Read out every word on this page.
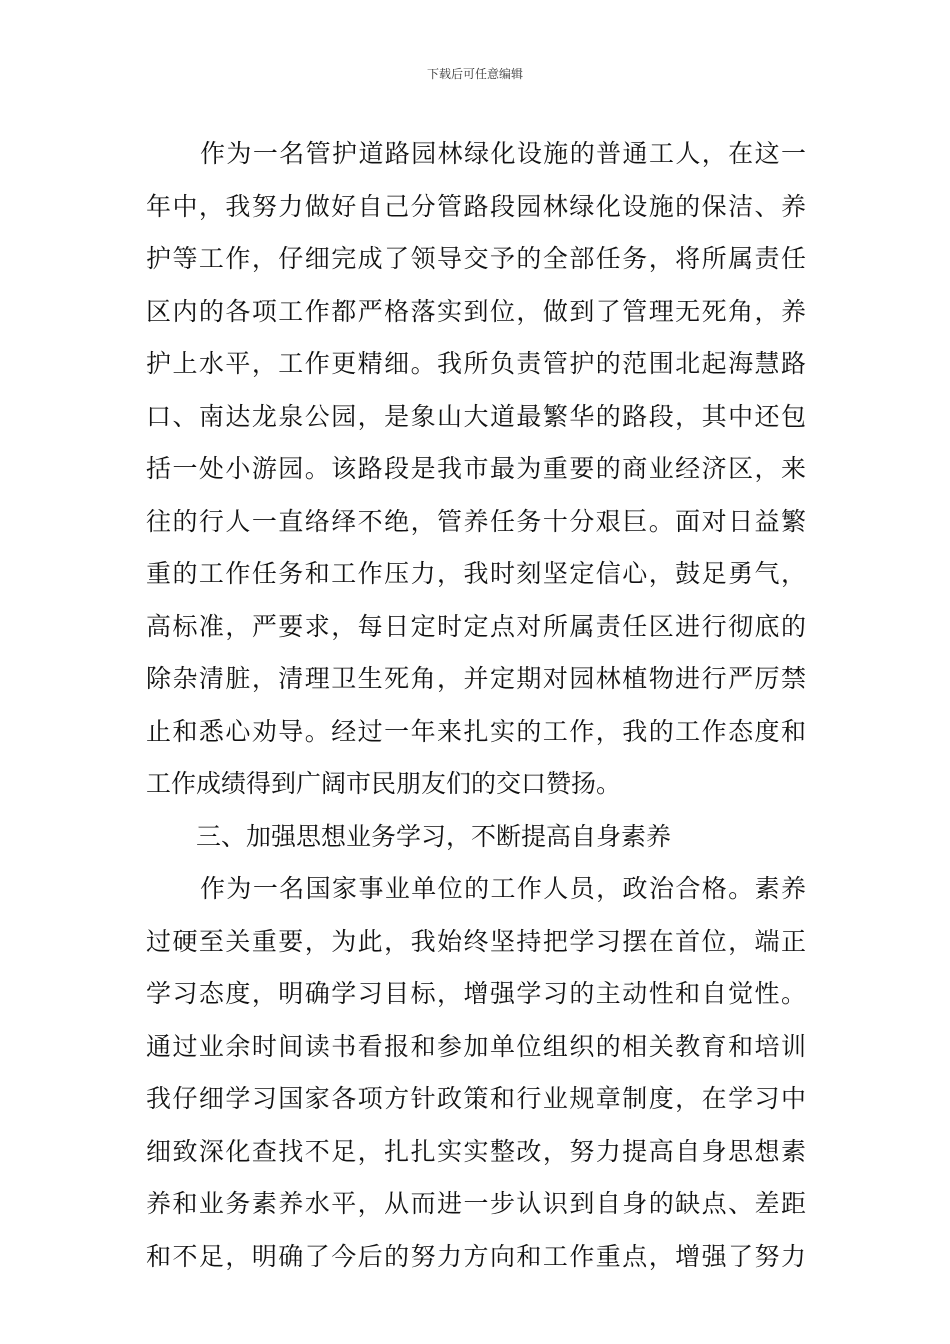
下载后可任意编辑
作为一名管护道路园林绿化设施的普通工人，在这一
年中，我努力做好自己分管路段园林绿化设施的保洁、养
护等工作，仔细完成了领导交予的全部任务，将所属责任
区内的各项工作都严格落实到位，做到了管理无死角，养
护上水平，工作更精细。我所负责管护的范围北起海慧路
口、南达龙泉公园，是象山大道最繁华的路段，其中还包
括一处小游园。该路段是我市最为重要的商业经济区，来
往的行人一直络绎不绝，管养任务十分艰巨。面对日益繁
重的工作任务和工作压力，我时刻坚定信心，鼓足勇气，
高标准，严要求，每日定时定点对所属责任区进行彻底的
除杂清脏，清理卫生死角，并定期对园林植物进行严厉禁
止和悉心劝导。经过一年来扎实的工作，我的工作态度和
工作成绩得到广阔市民朋友们的交口赞扬。
三、加强思想业务学习，不断提高自身素养
作为一名国家事业单位的工作人员，政治合格。素养
过硬至关重要，为此，我始终坚持把学习摆在首位，端正
学习态度，明确学习目标，增强学习的主动性和自觉性。
通过业余时间读书看报和参加单位组织的相关教育和培训
我仔细学习国家各项方针政策和行业规章制度，在学习中
细致深化查找不足，扎扎实实整改，努力提高自身思想素
养和业务素养水平，从而进一步认识到自身的缺点、差距
和不足，明确了今后的努力方向和工作重点，增强了努力
